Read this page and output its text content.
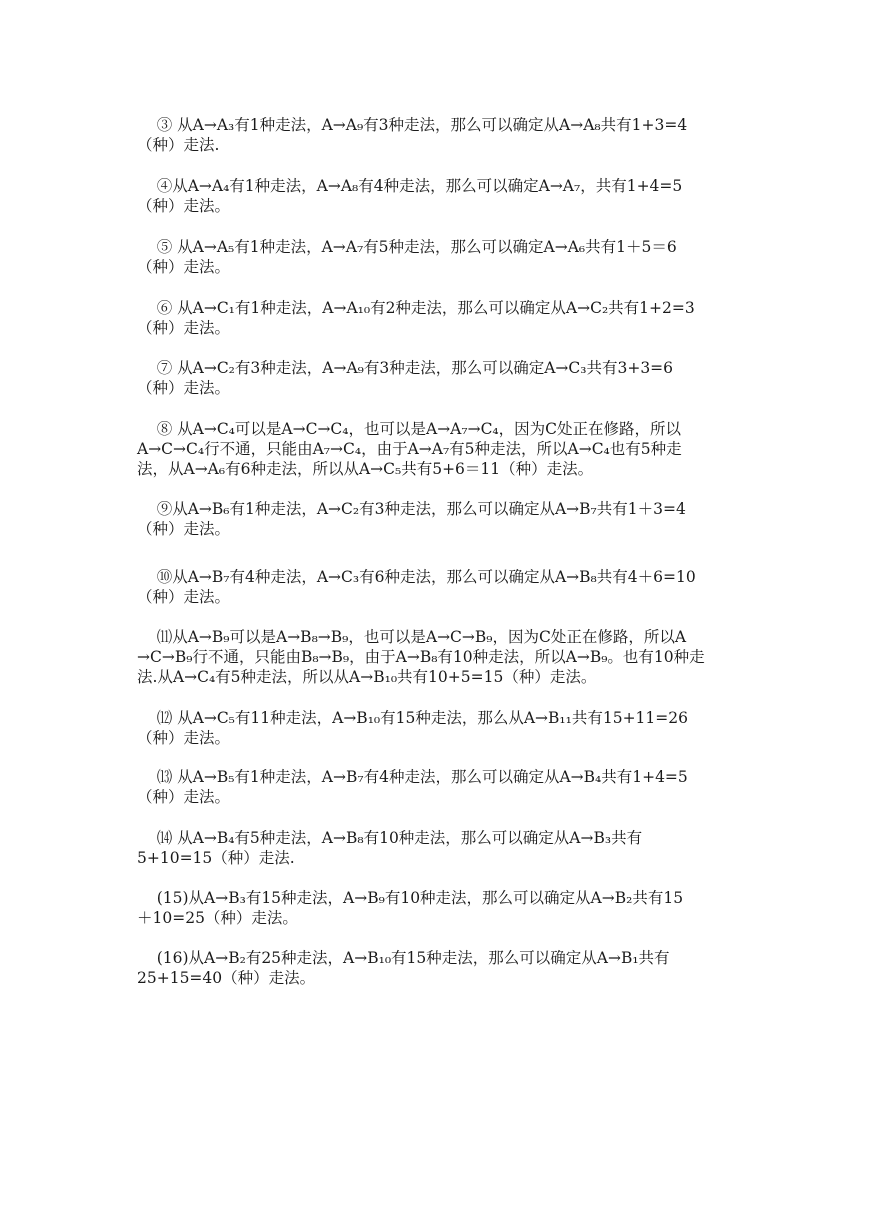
③ 从A→A₃有1种走法，A→A₉有3种走法，那么可以确定从A→A₈共有1+3=4
（种）走法.

④从A→A₄有1种走法，A→A₈有4种走法，那么可以确定A→A₇，共有1+4=5
（种）走法。

⑤ 从A→A₅有1种走法，A→A₇有5种走法，那么可以确定A→A₆共有1＋5＝6
（种）走法。

⑥ 从A→C₁有1种走法，A→A₁₀有2种走法，那么可以确定从A→C₂共有1+2=3
（种）走法。

⑦ 从A→C₂有3种走法，A→A₉有3种走法，那么可以确定A→C₃共有3+3=6
（种）走法。

⑧ 从A→C₄可以是A→C→C₄，也可以是A→A₇→C₄，因为C处正在修路，所以
A→C→C₄行不通，只能由A₇→C₄，由于A→A₇有5种走法，所以A→C₄也有5种走
法，从A→A₆有6种走法，所以从A→C₅共有5+6＝11（种）走法。

⑨从A→B₆有1种走法，A→C₂有3种走法，那么可以确定从A→B₇共有1＋3=4
（种）走法。

⑩从A→B₇有4种走法，A→C₃有6种走法，那么可以确定从A→B₈共有4＋6=10
（种）走法。

⑾从A→B₉可以是A→B₈→B₉，也可以是A→C→B₉，因为C处正在修路，所以A
→C→B₉行不通，只能由B₈→B₉，由于A→B₈有10种走法，所以A→B₉。也有10种走
法.从A→C₄有5种走法，所以从A→B₁₀共有10+5=15（种）走法。

⑿ 从A→C₅有11种走法，A→B₁₀有15种走法，那么从A→B₁₁共有15+11=26
（种）走法。

⒀ 从A→B₅有1种走法，A→B₇有4种走法，那么可以确定从A→B₄共有1+4=5
（种）走法。

⒁ 从A→B₄有5种走法，A→B₈有10种走法，那么可以确定从A→B₃共有
5+10=15（种）走法.

(15)从A→B₃有15种走法，A→B₉有10种走法，那么可以确定从A→B₂共有15
＋10=25（种）走法。

(16)从A→B₂有25种走法，A→B₁₀有15种走法，那么可以确定从A→B₁共有
25+15=40（种）走法。
